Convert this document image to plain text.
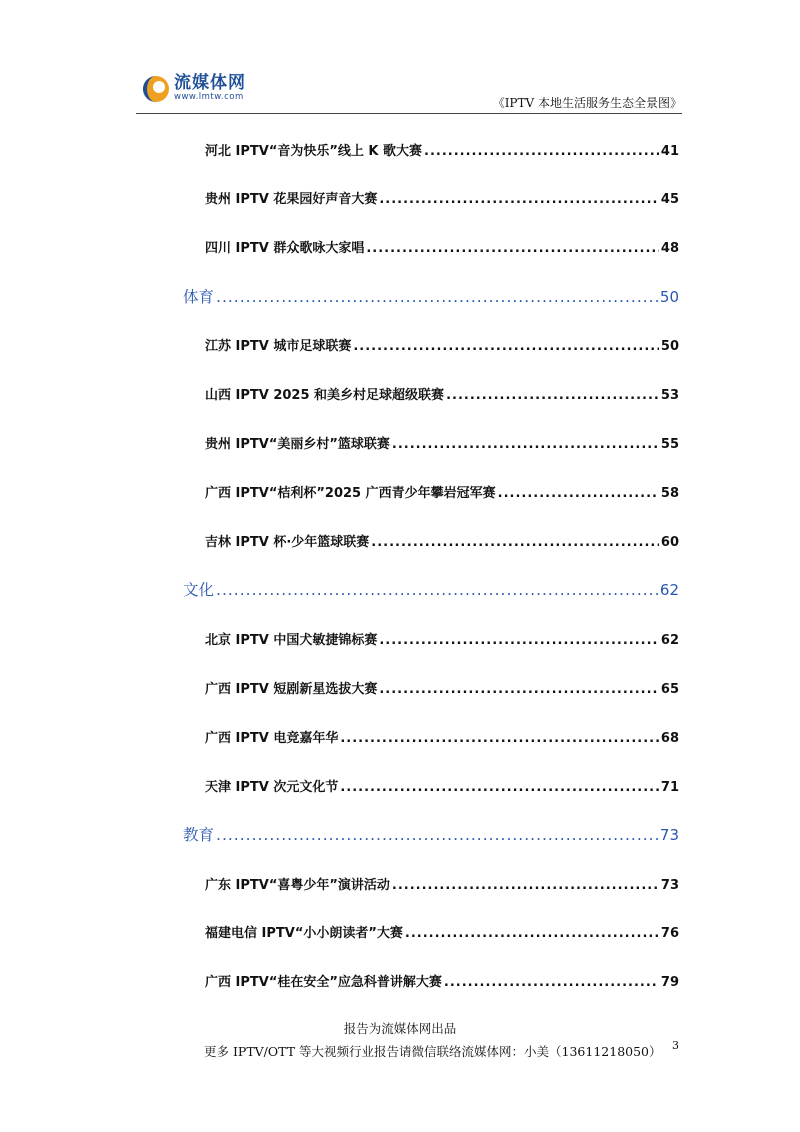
流媒体网
www.lmtw.com	《IPTV 本地生活服务生态全景图》
河北 IPTV“音为快乐”线上 K 歌大赛 .....	41
贵州 IPTV 花果园好声音大赛 .....	45
四川 IPTV 群众歌咏大家唱 .....	48
体育 .....	50
江苏 IPTV 城市足球联赛 .....	50
山西 IPTV 2025 和美乡村足球超级联赛 .....	53
贵州 IPTV“美丽乡村”篮球联赛 .....	55
广西 IPTV“桔利杯”2025 广西青少年攀岩冠军赛 .....	58
吉林 IPTV 杯·少年篮球联赛 .....	60
文化 .....	62
北京 IPTV 中国犬敏捷锦标赛 .....	62
广西 IPTV 短剧新星选拔大赛 .....	65
广西 IPTV 电竞嘉年华 .....	68
天津 IPTV 次元文化节 .....	71
教育 .....	73
广东 IPTV“喜粤少年”演讲活动 .....	73
福建电信 IPTV“小小朗读者”大赛 .....	76
广西 IPTV“桂在安全”应急科普讲解大赛 .....	79
报告为流媒体网出品
更多 IPTV/OTT 等大视频行业报告请微信联络流媒体网：小美（13611218050） 3
